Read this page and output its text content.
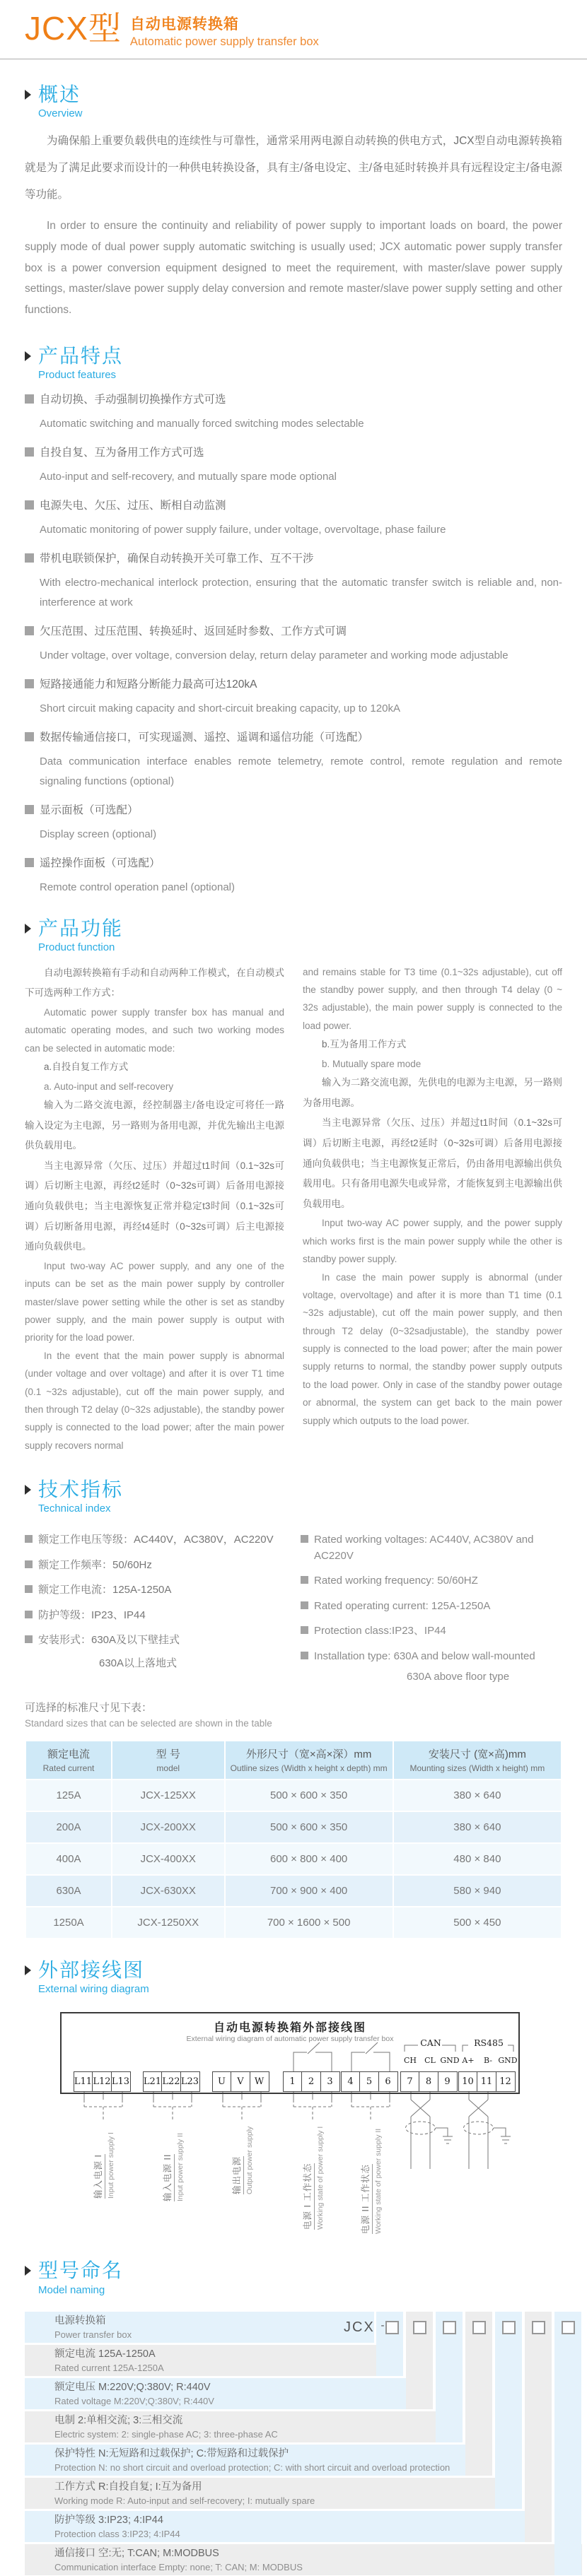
JCX型 自动电源转换箱
Automatic power supply transfer box
概述
Overview

为确保船上重要负载供电的连续性与可靠性，通常采用两电源自动转换的供电方式，JCX型自动电源转换箱就是为了满足此要求而设计的一种供电转换设备，具有主/备电设定、主/备电延时转换并具有远程设定主/备电源等功能。

In order to ensure the continuity and reliability of power supply to important loads on board, the power supply mode of dual power supply automatic switching is usually used; JCX automatic power supply transfer box is a power conversion equipment designed to meet the requirement, with master/slave power supply settings, master/slave power supply delay conversion and remote master/slave power supply setting and other functions.

产品特点
Product features
自动切换、手动强制切换操作方式可选
Automatic switching and manually forced switching modes selectable
自投自复、互为备用工作方式可选
Auto-input and self-recovery, and mutually spare mode optional
电源失电、欠压、过压、断相自动监测
Automatic monitoring of power supply failure, under voltage, overvoltage, phase failure
带机电联锁保护，确保自动转换开关可靠工作、互不干涉
With electro-mechanical interlock protection, ensuring that the automatic transfer switch is reliable and, non-interference at work
欠压范围、过压范围、转换延时、返回延时参数、工作方式可调
Under voltage, over voltage, conversion delay, return delay parameter and working mode adjustable
短路接通能力和短路分断能力最高可达120kA
Short circuit making capacity and short-circuit breaking capacity, up to 120kA
数据传输通信接口，可实现遥测、遥控、遥调和遥信功能（可选配）
Data communication interface enables remote telemetry, remote control, remote regulation and remote signaling functions (optional)
显示面板（可选配）
Display screen (optional)
遥控操作面板（可选配）
Remote control operation panel (optional)
产品功能
Product function

自动电源转换箱有手动和自动两种工作模式，在自动模式下可选两种工作方式：

Automatic power supply transfer box has manual and automatic operating modes, and such two working modes can be selected in automatic mode:

a.自投自复工作方式

a. Auto-input and self-recovery

输入为二路交流电源，经控制器主/备电设定可将任一路输入设定为主电源，另一路则为备用电源，并优先输出主电源供负载用电。

当主电源异常（欠压、过压）并超过t1时间（0.1~32s可调）后切断主电源，再经t2延时（0~32s可调）后备用电源接通向负载供电；当主电源恢复正常并稳定t3时间（0.1~32s可调）后切断备用电源，再经t4延时（0~32s可调）后主电源接通向负载供电。

Input two-way AC power supply, and any one of the inputs can be set as the main power supply by controller master/slave power setting while the other is set as standby power supply, and the main power supply is output with priority for the load power.

In the event that the main power supply is abnormal (under voltage and over voltage) and after it is over T1 time (0.1 ~32s adjustable), cut off the main power supply, and then through T2 delay (0~32s adjustable), the standby power supply is connected to the load power; after the main power supply recovers normal

and remains stable for T3 time (0.1~32s adjustable), cut off the standby power supply, and then through T4 delay (0 ~ 32s adjustable), the main power supply is connected to the load power.

b.互为备用工作方式

b. Mutually spare mode

输入为二路交流电源，先供电的电源为主电源，另一路则为备用电源。

当主电源异常（欠压、过压）并超过t1时间（0.1~32s可调）后切断主电源，再经t2延时（0~32s可调）后备用电源接通向负载供电；当主电源恢复正常后，仍由备用电源输出供负载用电。只有备用电源失电或异常，才能恢复到主电源输出供负载用电。

Input two-way AC power supply, and the power supply which works first is the main power supply while the other is standby power supply.

In case the main power supply is abnormal (under voltage, overvoltage) and after it is more than T1 time (0.1 ~32s adjustable), cut off the main power supply, and then through T2 delay (0~32sadjustable), the standby power supply is connected to the load power; after the main power supply returns to normal, the standby power supply outputs to the load power. Only in case of the standby power outage or abnormal, the system can get back to the main power supply which outputs to the load power.

技术指标
Technical index
额定工作电压等级：AC440V，AC380V，AC220V
额定工作频率：50/60Hz
额定工作电流：125A-1250A
防护等级：IP23、IP44
安装形式：630A及以下壁挂式
630A以上落地式
Rated working voltages: AC440V, AC380V and AC220V
Rated working frequency: 50/60HZ
Rated operating current: 125A-1250A
Protection class:IP23、IP44
Installation type: 630A and below wall-mounted
630A above floor type
可选择的标准尺寸见下表：
Standard sizes that can be selected are shown in the table
额定电流
Rated current

型 号
model

外形尺寸（宽×高×深）mm
Outline sizes (Width x height x depth) mm

安装尺寸 (宽×高)mm
Mounting sizes (Width x height) mm

125A	JCX-125XX	500 × 600 × 350	380 × 640
200A	JCX-200XX	500 × 600 × 350	380 × 640
400A	JCX-400XX	600 × 800 × 400	480 × 840
630A	JCX-630XX	700 × 900 × 400	580 × 940
1250A	JCX-1250XX	700 × 1600 × 500	500 × 450
外部接线图
External wiring diagram
自动电源转换箱外部接线图
External wiring diagram of automatic power supply transfer box	CAN	RS485
CH	CL GND A+	B- GND
L11 L12 L13 L21 L22 L23	U	V	W	1	2	3	4	5	6	7	8	9	10 11 12
输入电源 I Input power supply I	输入电源 II Input power supply II	输出电源 Output power supply
电源 I 工作状态 Working state of power supply I	电源 II 工作状态 Working state of power supply II
型号命名
Model naming
电源转换箱
Power transfer box
额定电流 125A-1250A
Rated current 125A-1250A
额定电压 M:220V;Q:380V; R:440V
Rated voltage M:220V;Q:380V; R:440V
电制 2:单相交流; 3:三相交流
Electric system: 2: single-phase AC; 3: three-phase AC
保护特性 N:无短路和过载保护; C:带短路和过载保护
Protection N: no short circuit and overload protection; C: with short circuit and overload protection
工作方式 R:自投自复; I:互为备用
Working mode R: Auto-input and self-recovery; I: mutually spare
防护等级 3:IP23; 4:IP44
Protection class 3:IP23; 4:IP44
通信接口 空:无; T:CAN; M:MODBUS
Communication interface Empty: none; T: CAN; M: MODBUS
-
JCX
